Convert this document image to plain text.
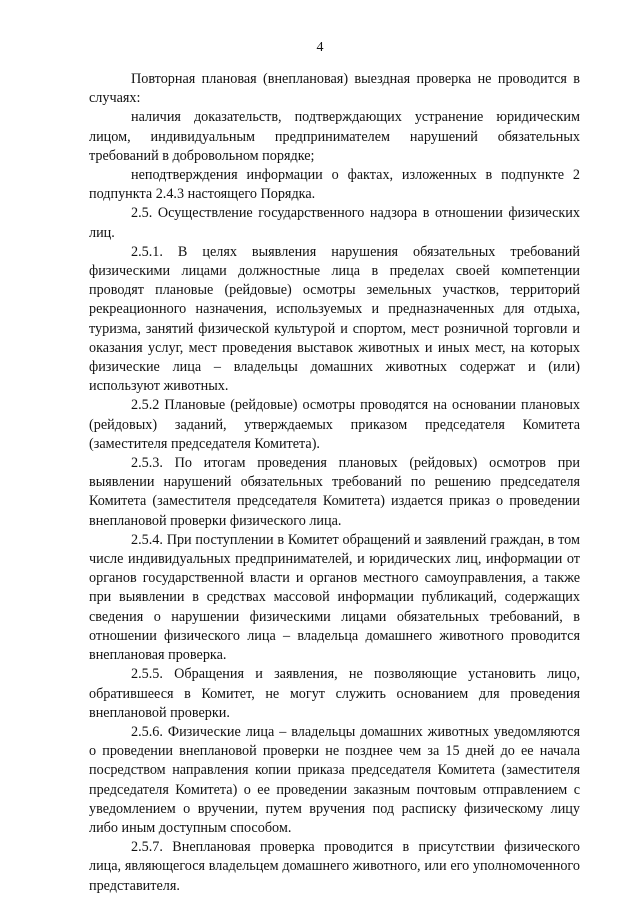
4

Повторная плановая (внеплановая) выездная проверка не проводится в случаях:

наличия доказательств, подтверждающих устранение юридическим лицом, индивидуальным предпринимателем нарушений обязательных требований в добровольном порядке;

неподтверждения информации о фактах, изложенных в подпункте 2 подпункта 2.4.3 настоящего Порядка.

2.5. Осуществление государственного надзора в отношении физических лиц.

2.5.1. В целях выявления нарушения обязательных требований физическими лицами должностные лица в пределах своей компетенции проводят плановые (рейдовые) осмотры земельных участков, территорий рекреационного назначения, используемых и предназначенных для отдыха, туризма, занятий физической культурой и спортом, мест розничной торговли и оказания услуг, мест проведения выставок животных и иных мест, на которых физические лица – владельцы домашних животных содержат и (или) используют животных.

2.5.2 Плановые (рейдовые) осмотры проводятся на основании плановых (рейдовых) заданий, утверждаемых приказом председателя Комитета (заместителя председателя Комитета).

2.5.3. По итогам проведения плановых (рейдовых) осмотров при выявлении нарушений обязательных требований по решению председателя Комитета (заместителя председателя Комитета) издается приказ о проведении внеплановой проверки физического лица.

2.5.4. При поступлении в Комитет обращений и заявлений граждан, в том числе индивидуальных предпринимателей, и юридических лиц, информации от органов государственной власти и органов местного самоуправления, а также при выявлении в средствах массовой информации публикаций, содержащих сведения о нарушении физическими лицами обязательных требований, в отношении физического лица – владельца домашнего животного проводится внеплановая проверка.

2.5.5. Обращения и заявления, не позволяющие установить лицо, обратившееся в Комитет, не могут служить основанием для проведения внеплановой проверки.

2.5.6. Физические лица – владельцы домашних животных уведомляются о проведении внеплановой проверки не позднее чем за 15 дней до ее начала посредством направления копии приказа председателя Комитета (заместителя председателя Комитета) о ее проведении заказным почтовым отправлением с уведомлением о вручении, путем вручения под расписку физическому лицу либо иным доступным способом.

2.5.7. Внеплановая проверка проводится в присутствии физического лица, являющегося владельцем домашнего животного, или его уполномоченного представителя.
